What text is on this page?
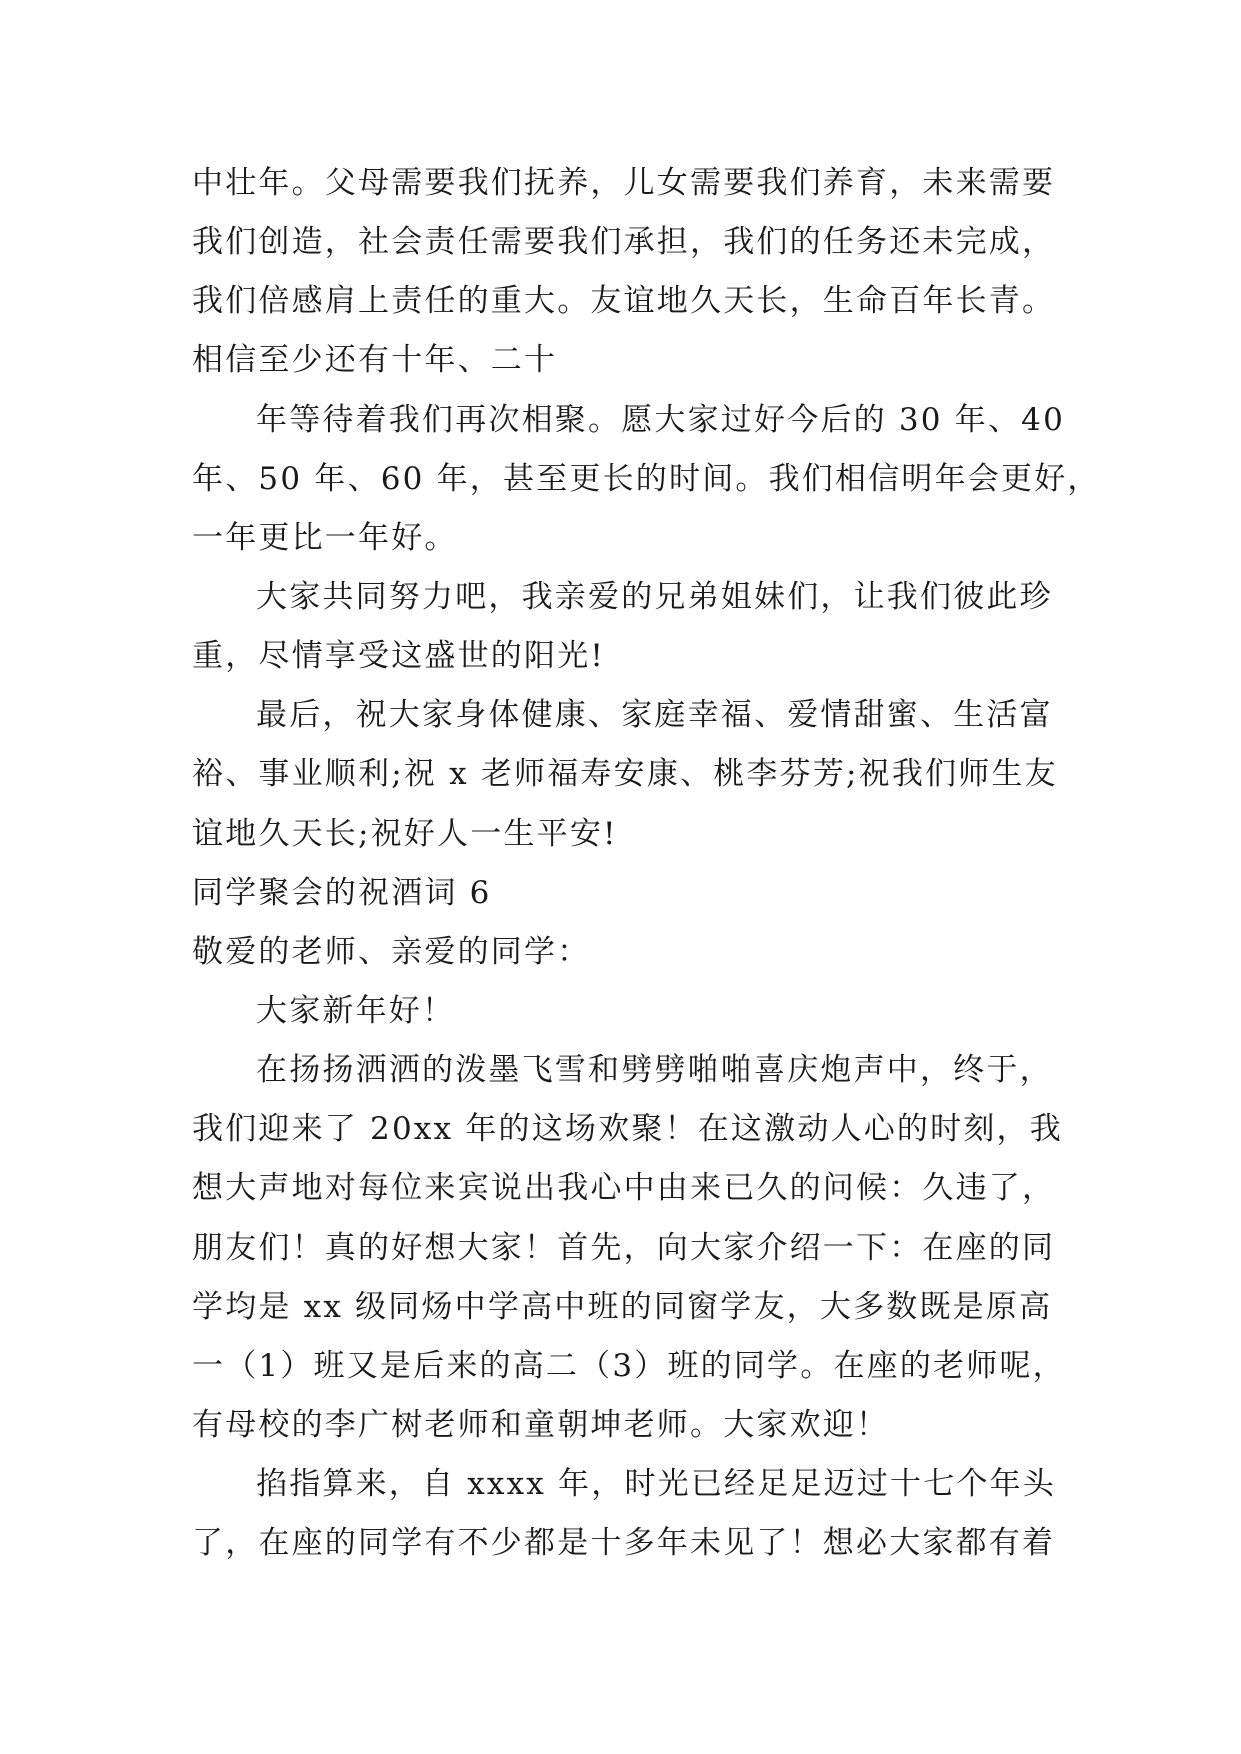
中壮年。父母需要我们抚养，儿女需要我们养育，未来需要
我们创造，社会责任需要我们承担，我们的任务还未完成，
我们倍感肩上责任的重大。友谊地久天长，生命百年长青。
相信至少还有十年、二十
年等待着我们再次相聚。愿大家过好今后的 30 年、40
年、50 年、60 年，甚至更长的时间。我们相信明年会更好，
一年更比一年好。
大家共同努力吧，我亲爱的兄弟姐妹们，让我们彼此珍
重，尽情享受这盛世的阳光!
最后，祝大家身体健康、家庭幸福、爱情甜蜜、生活富
裕、事业顺利;祝 x 老师福寿安康、桃李芬芳;祝我们师生友
谊地久天长;祝好人一生平安!
同学聚会的祝酒词 6
敬爱的老师、亲爱的同学：
大家新年好！
在扬扬洒洒的泼墨飞雪和劈劈啪啪喜庆炮声中，终于，
我们迎来了 20xx 年的这场欢聚！在这激动人心的时刻，我
想大声地对每位来宾说出我心中由来已久的问候：久违了，
朋友们！真的好想大家！首先，向大家介绍一下：在座的同
学均是 xx 级同炀中学高中班的同窗学友，大多数既是原高
一（1）班又是后来的高二（3）班的同学。在座的老师呢，
有母校的李广树老师和童朝坤老师。大家欢迎！
掐指算来，自 xxxx 年，时光已经足足迈过十七个年头
了，在座的同学有不少都是十多年未见了！想必大家都有着
